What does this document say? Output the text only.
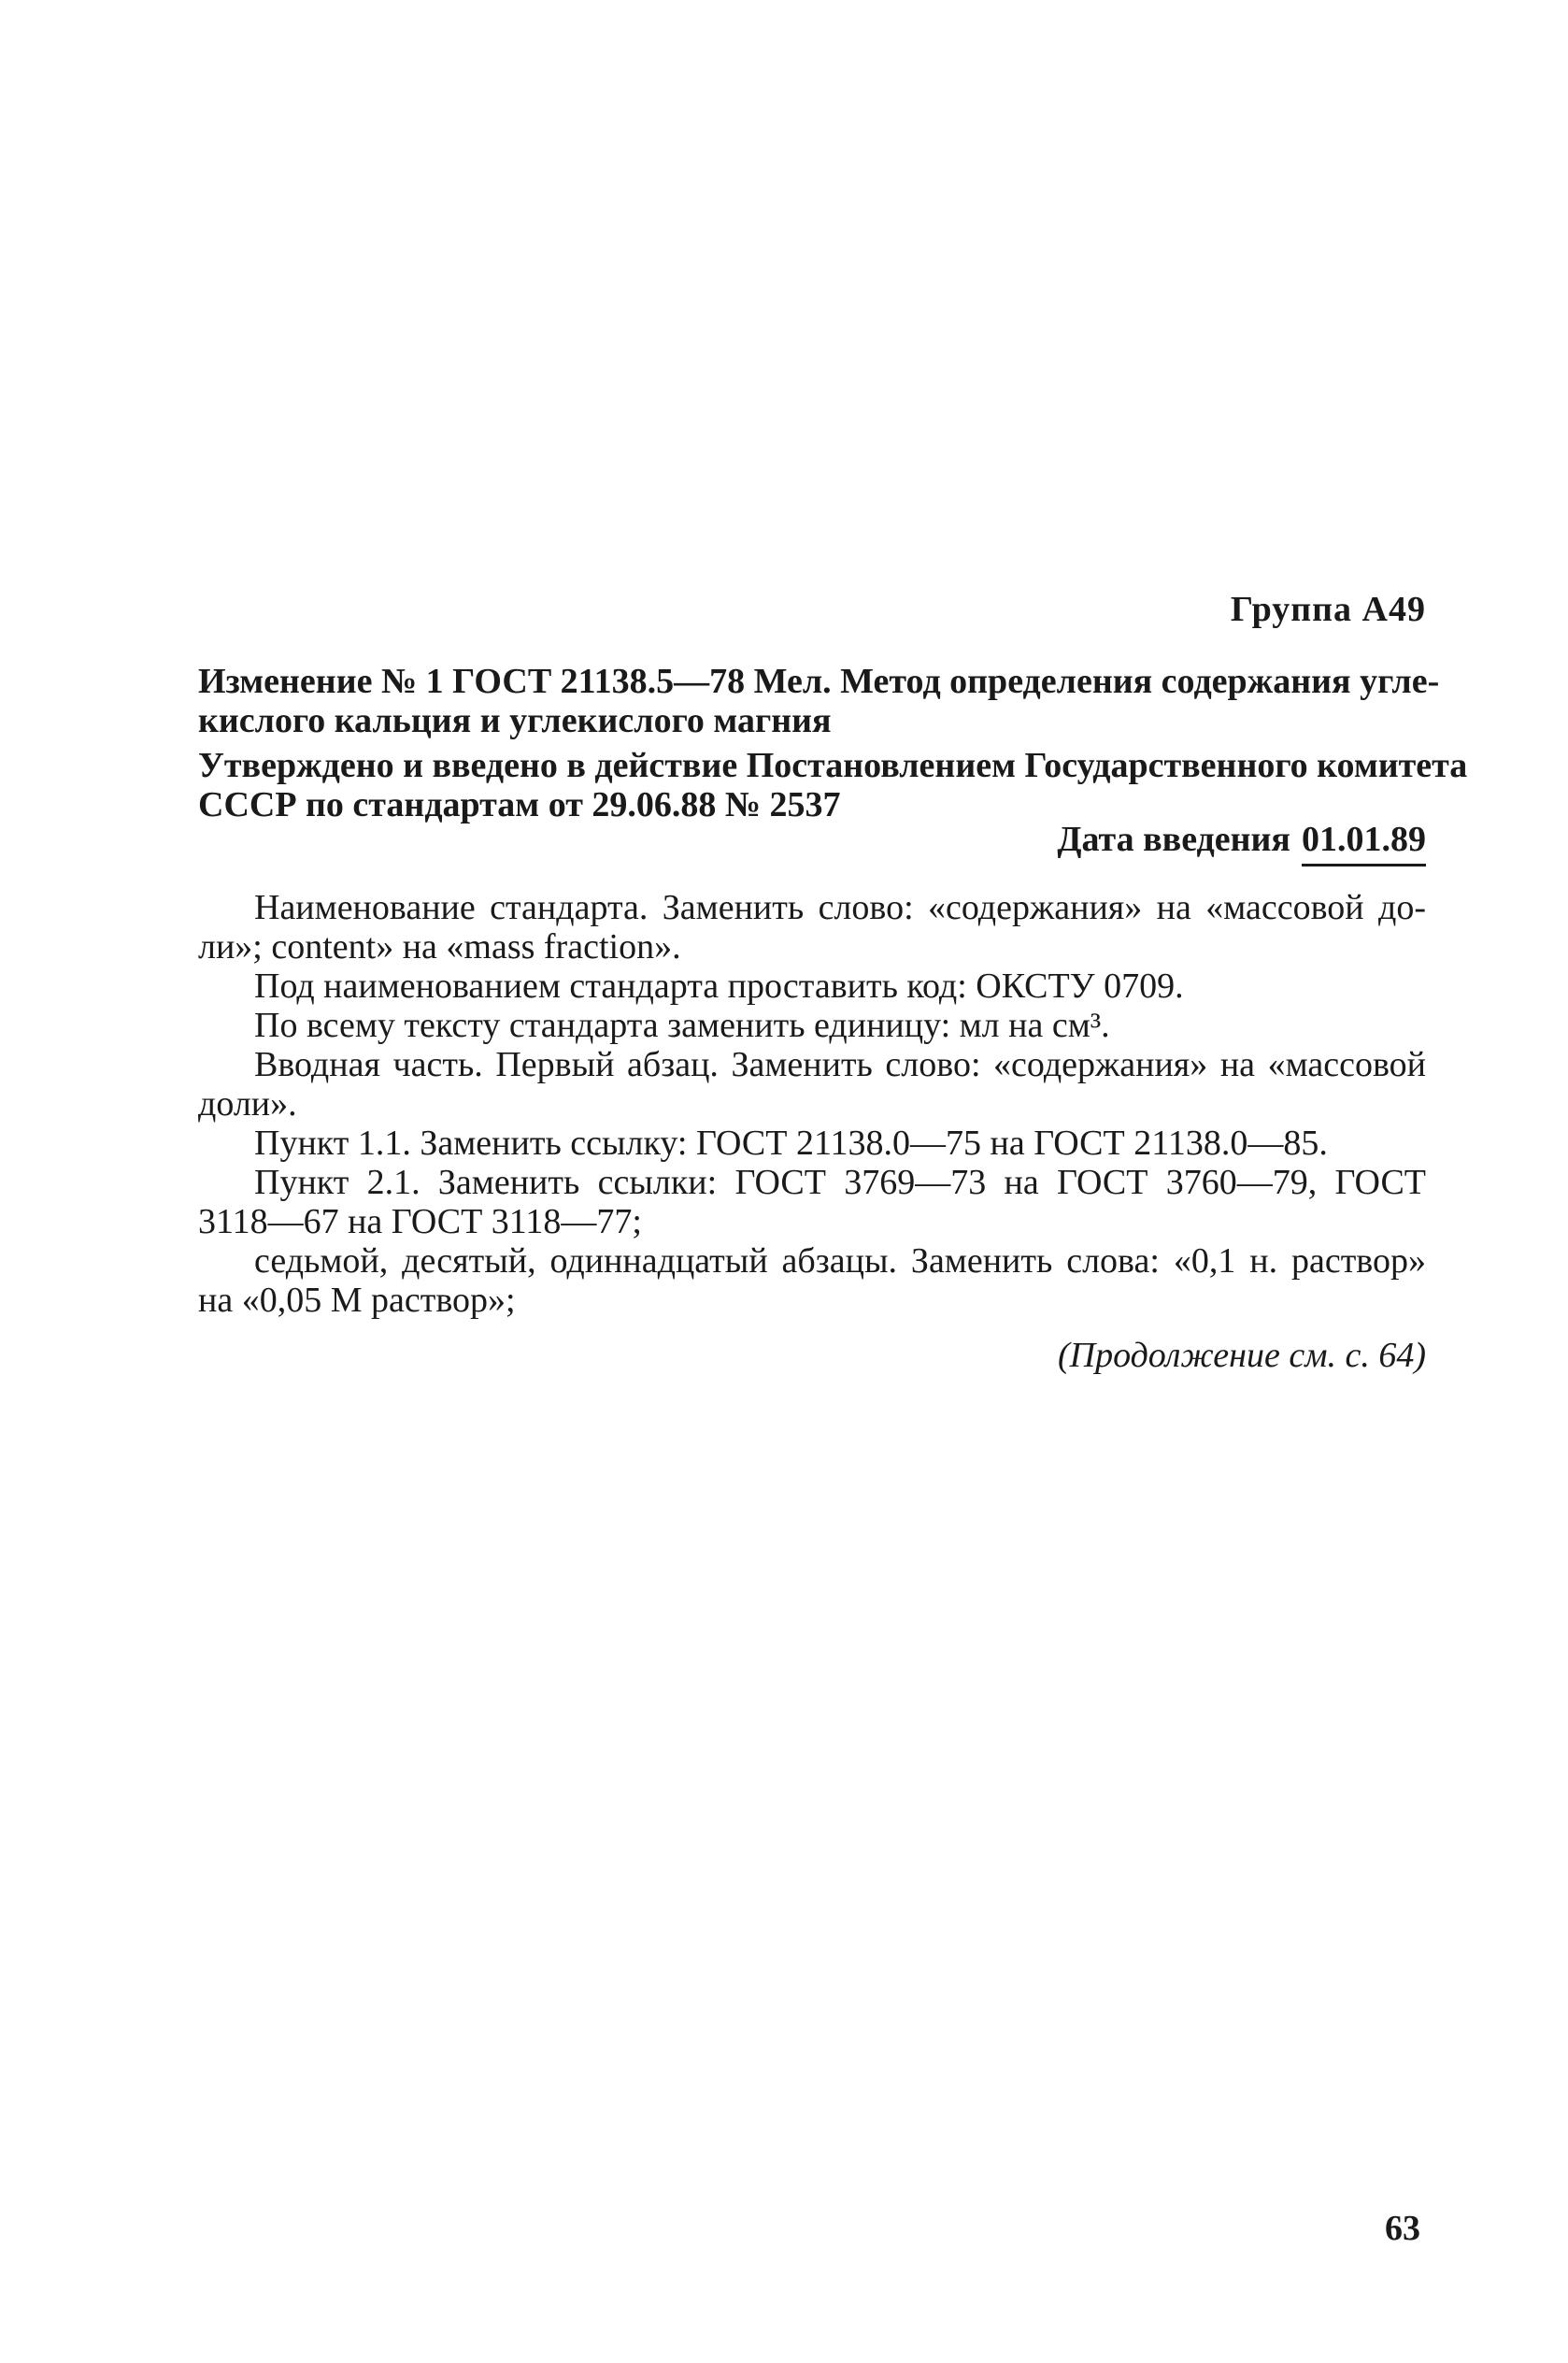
Группа А49
Изменение № 1 ГОСТ 21138.5—78 Мел. Метод определения содержания угле-
кислого кальция и углекислого магния
Утверждено и введено в действие Постановлением Государственного комитета
СССР по стандартам от 29.06.88 № 2537
Дата введения 01.01.89
Наименование стандарта. Заменить слово: «содержания» на «массовой до-
ли»; content» на «mass fraction».
Под наименованием стандарта проставить код: ОКСТУ 0709.
По всему тексту стандарта заменить единицу: мл на см³.
Вводная часть. Первый абзац. Заменить слово: «содержания» на «массовой
доли».
Пункт 1.1. Заменить ссылку: ГОСТ 21138.0—75 на ГОСТ 21138.0—85.
Пункт 2.1. Заменить ссылки: ГОСТ 3769—73 на ГОСТ 3760—79, ГОСТ
3118—67 на ГОСТ 3118—77;
седьмой, десятый, одиннадцатый абзацы. Заменить слова: «0,1 н. раствор»
на «0,05 М раствор»;
(Продолжение см. с. 64)
63
